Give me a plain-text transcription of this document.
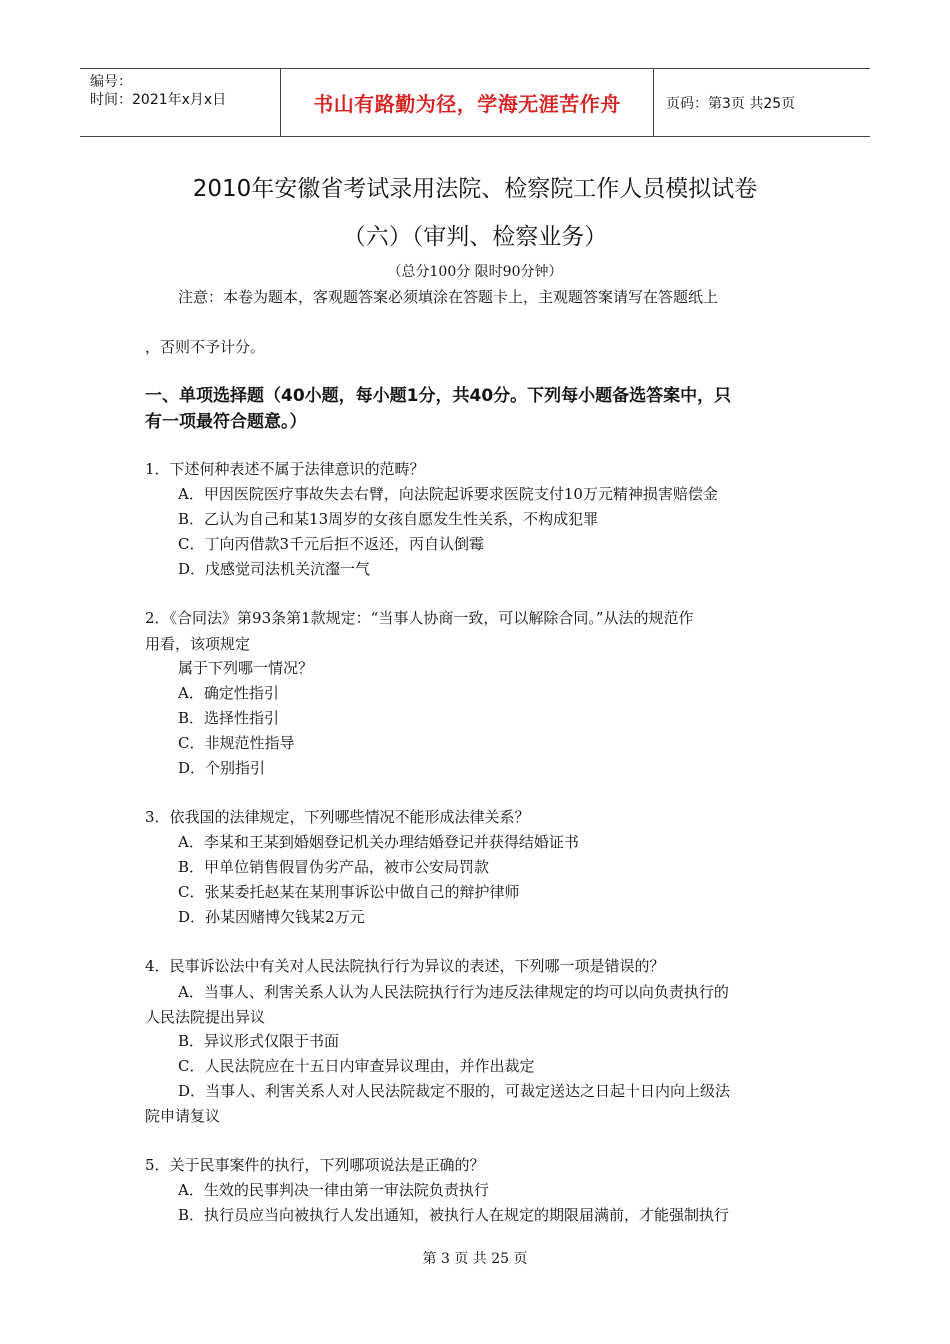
编号：
时间：2021年x月x日	书山有路勤为径，学海无涯苦作舟	页码：第3页 共25页
2010年安徽省考试录用法院、检察院工作人员模拟试卷
（六）（审判、检察业务）
（总分100分 限时90分钟）
注意：本卷为题本，客观题答案必须填涂在答题卡上，主观题答案请写在答题纸上
，否则不予计分。
一、单项选择题（40小题，每小题1分，共40分。下列每小题备选答案中，只
有一项最符合题意。）
1．下述何种表述不属于法律意识的范畴？
A．甲因医院医疗事故失去右臂，向法院起诉要求医院支付10万元精神损害赔偿金
B．乙认为自己和某13周岁的女孩自愿发生性关系，不构成犯罪
C．丁向丙借款3千元后拒不返还，丙自认倒霉
D．戊感觉司法机关沆瀣一气
2．《合同法》第93条第1款规定：“当事人协商一致，可以解除合同。”从法的规范作
用看，该项规定
属于下列哪一情况？
A．确定性指引
B．选择性指引
C．非规范性指导
D．个别指引
3．依我国的法律规定，下列哪些情况不能形成法律关系？
A．李某和王某到婚姻登记机关办理结婚登记并获得结婚证书
B．甲单位销售假冒伪劣产品，被市公安局罚款
C．张某委托赵某在某刑事诉讼中做自己的辩护律师
D．孙某因赌博欠钱某2万元
4．民事诉讼法中有关对人民法院执行行为异议的表述，下列哪一项是错误的？
A．当事人、利害关系人认为人民法院执行行为违反法律规定的均可以向负责执行的
人民法院提出异议
B．异议形式仅限于书面
C．人民法院应在十五日内审查异议理由，并作出裁定
D．当事人、利害关系人对人民法院裁定不服的，可裁定送达之日起十日内向上级法
院申请复议
5．关于民事案件的执行，下列哪项说法是正确的？
A．生效的民事判决一律由第一审法院负责执行
B．执行员应当向被执行人发出通知，被执行人在规定的期限届满前，才能强制执行
第 3 页 共 25 页
